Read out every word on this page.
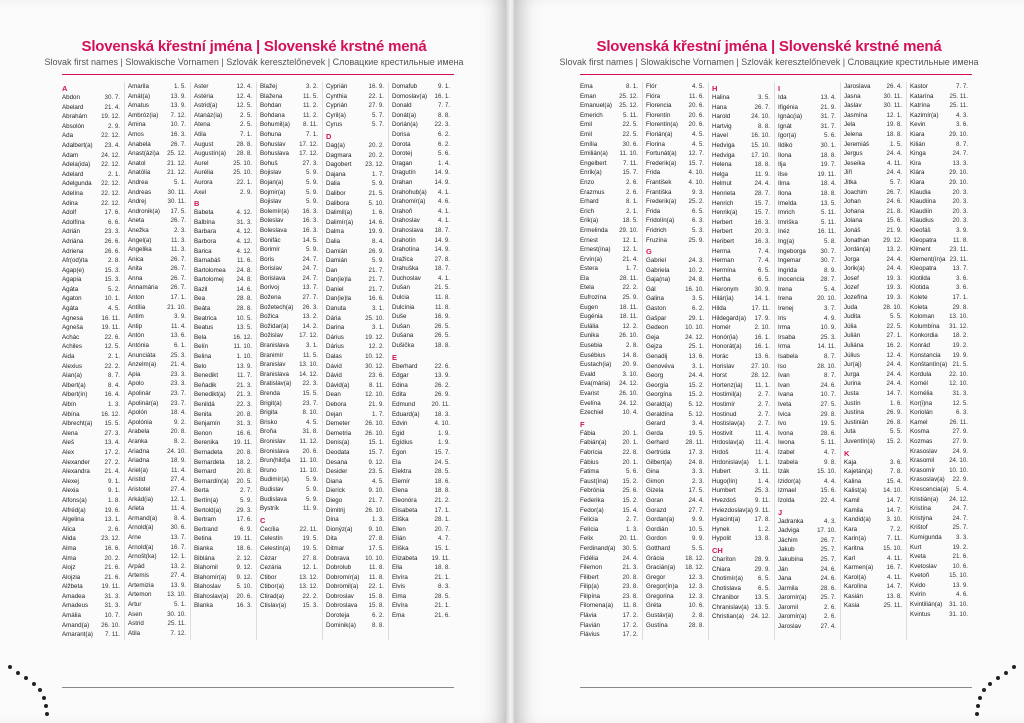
Slovenská křestní jména | Slovenské krstné mená
Slovak first names | Slowakische Vornamen | Szlovák keresztelőnevek | Словацкие крестильные имена
A
Abdon	30. 7.
Abelard	21. 4.
Abrahám 19. 12.
Absolón	2. 9.
Ada	22. 12.
Adalbert(a) 23. 4.
Adam	24. 12.
Adela(ida) 22. 12.
Adelard	2. 1.
Adelgunda 22. 12.
Adelína	22. 12.
Adina	22. 12.
Adolf	17. 6.
Adolfína	6. 6.
Adrián	23. 3.
Adriána	26. 6.
Adriena	26. 6.
Afr(od)íta	2. 8.
Agap(e)	15. 3.
Agapia	15. 3.
Agáta	5. 2.
Agaton	10. 1.
Agáta	4. 5.
Agnesa	16. 11.
Agneša	19. 11.
Achác	22. 6.
Achiles	12. 5.
Aida	2. 1.
Alexius	22. 2.
Alan(a)	8. 7.
Albert(a)	8. 4.
Albert(ín)	16. 4.
Albín	1. 3.
Albína	16. 12.
Albrecht(a) 15. 5.
Alena	27. 3.
Aleš	13. 4.
Alex	17. 2.
Alexander 27. 2.
Alexandra 21. 4.
Alexej	9. 1.
Alexia	9. 1.
Alfons(a)	1. 8.
Alfréd(a)	19. 6.
Algelina	13. 1.
Alica	2. 6.
Alida	23. 12.
Alma	16. 6.
Alma	20. 2.
Alojz	21. 6.
Alojzia	21. 6.
Alžbeta	19. 11.
Amadea	31. 3.
Amadeus	31. 3.
Amália	10. 7.
Amand(a) 26. 10.
Amarant(a) 7. 11.
Amarila	1. 5.
Amát(a)	13. 9.
Amatus	13. 9.
Ambróz(ia) 7. 12.
Amina	10. 7.
Amos	16. 3.
Anabela	26. 7.
Anast(ázi)a 25. 12.
Anatol	21. 12.
Anatólia	21. 12.
Andrea	5. 1.
Andreas	30. 11.
Andrej	30. 11.
Andronik(a) 17. 5.
Aneta	26. 7.
Anežka	2. 3.
Angel(a)	11. 3.
Angelika	11. 3.
Anica	26. 7.
Anita	26. 7.
Anna	26. 7.
Annamária 26. 7.
Anton	17. 1.
Antília	21. 10.
Antim	3. 9.
Antip	11. 4.
Antón	13. 6.
Antónia	6. 1.
Anunciáta 25. 3.
Anzelm(a) 21. 4.
Apia	23. 3.
Apolo	23. 3.
Apolinár	23. 7.
Apolinár(a) 23. 7.
Apolón	18. 4.
Apolónia	9. 2.
Arabela	20. 8.
Aranka	8. 2.
Ariadna	24. 10.
Ariadna	18. 9.
Ariel(a)	11. 4.
Aristid	27. 4.
Aristotel	27. 4.
Arkád(ia)	12. 1.
Arleta	11. 4.
Armand(a)	8. 4.
Arnold(a)	30. 6.
Arne	13. 7.
Arnold(a)	16. 7.
Arnošt(ka) 12. 1.
Arpád	13. 2.
Artemis	27. 4.
Artemizia	13. 9.
Artemon	13. 10.
Artur	5. 1.
Asen	30. 10.
Astrid	25. 11.
Atila	7. 12.
Aster	12. 4.
Astéria	12. 4.
Astrid(a)	12. 5.
Atanáz(ia)	2. 5.
Atena	2. 5.
Atila	7. 1.
August	28. 8.
Augustín(a) 28. 8.
Aurel	25. 10.
Aurélia	25. 10.
Aurora	22. 1.
Axel	2. 9.
B
Babeta	4. 12.
Balbína	31. 3.
Barbara	4. 12.
Barbora	4. 12.
Barica	4. 12.
Barnabáš	11. 6.
Bartolomea 24. 8.
Bartolomej 24. 8.
Bazil	14. 6.
Bea	28. 8.
Beáta	28. 8.
Beatrica	10. 5.
Beatus	13. 5.
Bela	16. 12.
Belín	11. 10.
Belina	1. 10.
Belo	13. 9.
Benedikt	11. 7.
Beňadik	21. 3.
Benedikt(a) 21. 3.
Benildá	22. 3.
Benita	20. 8.
Benjamín	31. 3.
Benon	16. 6.
Berenika 19. 11.
Bernadeta 20. 8.
Bernardeta 18. 2.
Bernard	20. 8.
Bernardín(a) 20. 5.
Berta	2. 7.
Bertín(a)	5. 9.
Bertold(a) 29. 3.
Bertram	17. 6.
Bertrand	6. 9.
Betina	19. 11.
Bianka	18. 6.
Biblána	2. 12.
Blahomil	9. 12.
Blahomír(a) 9. 12.
Blahoslav	5. 10.
Blahoslav(a) 20. 6.
Blanka	16. 3.
Blažej	3. 2.
Blažena	11. 5.
Bohdan	11. 2.
Bohdana	11. 2.
Bohumil(a) 8. 11.
Bohuna	7. 1.
Bohuslav 17. 12.
Bohuslava 17. 12.
Bohuš	27. 3.
Bojislav	5. 9.
Bojan(a)	5. 9.
Bojmír(a)	5. 9.
Bojislav	5. 9.
Bolemír(a) 16. 3.
Boleslav	16. 3.
Boleslava	16. 3.
Bonifác	14. 5.
Borimír	5. 9.
Boris	24. 7.
Borislav	24. 7.
Borislava	24. 7.
Borivoj	13. 7.
Božena	27. 7.
Božetech(a) 26. 3.
Božica	13. 2.
Božidar(a) 14. 2.
Božislav	17. 12.
Branislava	3. 1.
Branimír	11. 5.
Branislav 13. 10.
Branislava 14. 12.
Bratislav(a) 22. 3.
Brenda	15. 5.
Brigit(a)	23. 7.
Brigita	8. 10.
Brisko	4. 5.
Broňa	31. 8.
Bronislav 11. 12.
Bronislava 20. 6.
Brun(hild)a 11. 10.
Bruno	11. 10.
Budimír(a)	5. 9.
Budislav	5. 9.
Budislava	5. 9.
Bystrík	11. 9.
C
Cecília	22. 11.
Celestín	19. 5.
Celestín(a) 19. 5.
Cézar	27. 8.
Cezária	12. 1.
Ctibor	13. 12.
Ctibor(a) 13. 12.
Ctirad(a)	22. 2.
Ctislav(a)	15. 3.
Cyprián	16. 9.
Cynthia	22. 1.
Cyprián	27. 9.
Cyril(a)	5. 7.
Cyrus	5. 7.
D
Dag(a)	20. 2.
Dagmara	20. 2.
Dagobert 23. 12.
Dajana	1. 7.
Dalia	5. 9.
Dalibor	21. 5.
Dalibora	5. 10.
Dalimil(a)	1. 6.
Dalimír(a) 14. 6.
Dalma	19. 9.
Dalia	8. 4.
Damián	26. 9.
Damián	5. 9.
Dan	21. 7.
Dan(ie)la	21. 7.
Daniel	21. 7.
Dan(ie)la	16. 6.
Danuta	3. 1.
Dária	25. 10.
Darina	3. 1.
Dárius	19. 12.
Dárius	12. 2.
Dalas	10. 12.
Dávid	30. 12.
Dávid	23. 6.
Dávid(a)	8. 11.
Dean	12. 10.
Debora	21. 9.
Dejan	1. 7.
Demeter 26. 10.
Demetria 26. 10.
Denis(a)	15. 1.
Deodata	15. 7.
Desana	9. 12.
Desider	23. 5.
Diana	4. 5.
Dierick	9. 10.
Diego	21. 7.
Dimitrij	26. 10.
Dina	1. 3.
Dionýz(a)	9. 10.
Dita	27. 8.
Ditmar	17. 5.
Dobrava	10. 10.
Dobrolub	11. 8.
Dobromír(a) 11. 8.
Dobromil(a) 22. 1.
Dobroslav 15. 8.
Dobroslava 15. 8.
Doroteja	6. 2.
Dominik(a)	8. 8.
Domafub	9. 1.
Domoslav(a) 16. 1.
Donald	7. 7.
Donát(a)	8. 8.
Dorián(a)	22. 3.
Dorisa	6. 2.
Dorota	6. 2.
Dorotej	5. 6.
Dragan	1. 4.
Dragutín	14. 9.
Drahan	14. 9.
Drahohub(a) 4. 1.
Drahomír(a) 4. 6.
Drahoň	4. 1.
Drahoslav	4. 1.
Drahoslava 18. 7.
Drahotín	14. 9.
Drahotína 14. 9.
Dražica	27. 8.
Drahuška	18. 7.
Duchoslav	4. 1.
Dušan	21. 5.
Dulcia	11. 8.
Dulcínia	11. 8.
Duše	16. 9.
Dušan	26. 5.
Dušana	26. 5.
Dušička	18. 8.
E
Eberhard	22. 6.
Edgar	13. 9.
Edina	26. 2.
Edita	26. 9.
Edmund	20. 11.
Eduard(a) 18. 3.
Edvin	4. 10.
Egid	1. 9.
Egídius	1. 9.
Egon	15. 7.
Ela	24. 5.
Elektra	28. 5.
Elemír	18. 6.
Elena	18. 8.
Eleonóra	21. 2.
Elisabeta	17. 1.
Eliška	28. 1.
Ellen	20. 7.
Elián	4. 7.
Eliška	15. 1.
Elizabeta 19. 11.
Ella	18. 8.
Elvíra	21. 1.
Elvis	8. 3.
Elma	28. 5.
Elvíra	21. 1.
Ema	21. 6.
Slovenská křestní jména | Slovenské krstné mená
Slovak first names | Slowakische Vornamen | Szlovák keresztelőnevek | Словацкие крестильные имена
Ema	8. 1.
Eman	25. 12.
Emanuel(a) 25. 12.
Emerich	5. 11.
Emil	22. 5.
Emil	22. 5.
Emília	30. 6.
Emilián(a) 11. 10.
Engelbert	7. 11.
Enrik(a)	15. 7.
Enzo	2. 6.
Erazmus	2. 6.
Erhard	8. 1.
Erich	2. 1.
Erik(a)	18. 5.
Ermelinda 29. 10.
Ernest	12. 1.
Ernest(ína) 12. 1.
Ervín(a)	21. 4.
Estera	1. 7.
Ela	28. 11.
Etela	22. 2.
Eufrozína	25. 9.
Eugen	18. 11.
Eugénia	18. 11.
Eulália	12. 2.
Eunika	26. 10.
Eusebia	2. 8.
Eusébius	14. 8.
Eustach(ia) 20. 9.
Evald	3. 10.
Eva(mária) 24. 12.
Evarist	26. 10.
Evelína	24. 12.
Ezechiel	10. 4.
F
Fábia	20. 1.
Fabián(a)	20. 1.
Fabrícia	22. 8.
Fábius	20. 1.
Fatima	5. 6.
Faust(ína) 15. 2.
Febrónia	25. 6.
Federika	15. 2.
Fedor(a)	15. 4.
Felicia	2. 7.
Felícia	1. 3.
Felix	20. 11.
Ferdinand(a) 30. 5.
Fidélia	24. 4.
Filemon	21. 3.
Filibert	20. 8.
Filip(a)	23. 8.
Filipína	23. 8.
Filomena(a) 11. 8.
Flávia	17. 2.
Flavián	17. 2.
Flávius	17. 2.
Flór	4. 5.
Flóra	11. 6.
Florencia	20. 6.
Florentín	20. 6.
Florentín(a) 20. 6.
Florián(a)	4. 5.
Florina	4. 5.
Fortunát(a) 12. 7.
Frederik(a) 15. 7.
Frida	4. 10.
František	4. 10.
Františka	9. 3.
Frederik(a) 25. 2.
Frida	6. 5.
Fridolín(a)	6. 3.
Fridrich	5. 3.
Fruzína	25. 9.
G
Gabriel	24. 3.
Gabriela	10. 2.
Gaja(na)	24. 8.
Gál	16. 10.
Galina	3. 5.
Gaston	6. 2.
Gašpar	29. 1.
Gedeon	10. 10.
Geja	24. 12.
Gejza	25. 1.
Genadij	13. 6.
Genovéva	3. 1.
Georg	24. 4.
Georgía	15. 2.
Georgína	15. 2.
Gerald(a)	5. 12.
Geraldína 5. 12.
Gerard	3. 4.
Gerda	19. 5.
Gerhard	28. 11.
Gertrúda	17. 3.
Gilbert(a)	24. 8.
Gina	3. 3.
Gimon	2. 3.
Gizela	17. 5.
Goran	24. 4.
Gorazd	27. 7.
Gordan(a)	9. 9.
Gordián	10. 5.
Gordon	9. 9.
Gotthard	5. 5.
Grácia	18. 12.
Gracián(a) 18. 12.
Gregor	12. 3.
Gregor(ín)a 12. 3.
Gregorina 12. 3.
Gréta	10. 6.
Gustáv(a)	2. 8.
Gustína	28. 8.
H
Halina	3. 5.
Hana	26. 7.
Harold	24. 10.
Hartvig	8. 8.
Havel	16. 10.
Hedviga	15. 10.
Hedviga	17. 10.
Helena	18. 8.
Helga	11. 9.
Helmut	24. 4.
Henrieta	28. 7.
Henrich	15. 7.
Henrik(a)	15. 7.
Herbert	16. 3.
Herbert	20. 3.
Heribert	16. 3.
Herma	7. 4.
Herman	7. 4.
Hermína	6. 5.
Hertha	6. 5.
Hieronym	30. 9.
Hilár(ia)	14. 1.
Hilda	17. 11.
Hildegard(a) 17. 9.
Homér	2. 10.
Honór(ia)	16. 1.
Honorát(a) 16. 1.
Horác	13. 6.
Horislav	27. 10.
Horst	28. 12.
Hortenz(ia) 11. 1.
Hostimil(a)	2. 7.
Hostimír	2. 7.
Hostinud	2. 7.
Hostislav(a) 2. 7.
Hostivít	11. 4.
Hrdoslav(a) 11. 4.
Hrdoš	11. 4.
Hrdonislav(a) 1. 1.
Hubert	3. 11.
Hugo(lín)	1. 4.
Humbert	25. 3.
Hvezdoš	9. 11.
Hviezdoslav(a) 9. 11.
Hyacint(a) 17. 8.
Hynek	1. 2.
Hypolit	13. 8.
CH
Charíton	28. 9.
Chiara	29. 9.
Chotimír(a) 6. 5.
Chotislava	6. 5.
Chranibor 13. 5.
Chranislav(a) 13. 5.
Christian(a) 24. 12.
I
Ida	13. 4.
Ifigénia	21. 9.
Ignác(ia)	31. 7.
Ignát	31. 7.
Igor(a)	5. 6.
Ildikó	30. 1.
Ilona	18. 8.
Ilja	19. 7.
Ilse	19. 11.
Ilma	18. 4.
Ilona	18. 8.
Imelda	13. 5.
Imrich	5. 11.
Imriška	5. 11.
Inéz	16. 11.
Ing(a)	5. 8.
Ingeborga 30. 7.
Ingemar	30. 7.
Ingrida	8. 9.
Inocencia	28. 7.
Irena	5. 4.
Irena	20. 10.
Irenej	3. 7.
Iris	4. 9.
Irma	10. 9.
Irsaba	25. 3.
Irma	14. 11.
Isabela	8. 7.
Iso	28. 10.
Ivan	8. 7.
Ivan	24. 6.
Ivana	10. 7.
Iveta	27. 5.
Ivica	29. 8.
Ivo	19. 5.
Ivona	28. 6.
Iwona	5. 11.
Izabel	4. 7.
Izabela	9. 8.
Izák	15. 10.
Izidor(a)	4. 4.
Izmael	15. 6.
Izolda	22. 4.
J
Jadranka	4. 3.
Jadviga	17. 10.
Jáchim	26. 7.
Jakub	25. 7.
Jakubína	25. 7.
Ján	24. 6.
Jana	24. 6.
Jarmila	28. 6.
Jaromír(a) 25. 7.
Jaromil	2. 6.
Jaromír(a)	2. 6.
Jaroslav	27. 4.
Jaroslava	26. 4.
Jasna	30. 11.
Jaslav	30. 11.
Jasmína	12. 1.
Jela	19. 8.
Jelena	18. 8.
Jeremiáš	1. 5.
Jergus	24. 4.
Jeseika	4. 11.
Jiří	24. 4.
Jitka	5. 7.
Joachim	26. 7.
Johan	24. 6.
Johana	21. 8.
Jolana	15. 6.
Jonáš	21. 9.
Jonathan 29. 12.
Jordán(a)	13. 2.
Jorga	24. 4.
Jorik(a)	24. 4.
Josef	19. 3.
Jozef	19. 3.
Jozefína	19. 3.
Juda	28. 10.
Judita	5. 5.
Júlia	22. 5.
Julián	27. 1.
Juliána	16. 2.
Július	12. 4.
Jur(aj)	24. 4.
Jurga	24. 4.
Jurina	24. 4.
Justa	14. 7.
Justín	1. 6.
Justína	26. 9.
Justinián	26. 8.
Juta	5. 5.
Juventín(a) 15. 2.
K
Kaja	3. 6.
Kajetán(a)	7. 8.
Kalina	15. 4.
Kalist(a)	14. 10.
Kamil	14. 7.
Kamila	14. 7.
Kandid(a)	3. 10.
Kara	7. 2.
Karin(a)	7. 11.
Karitna	15. 10.
Karl	4. 11.
Karmen(a) 16. 7.
Karol(a)	4. 11.
Karolína	14. 7.
Kasián	13. 8.
Kasia	25. 11.
Kastor	7. 7.
Katarína	25. 11.
Katrína	25. 11.
Kazimír(a)	4. 3.
Kevin	3. 6.
Kiara	29. 10.
Kilián	8. 7.
Kinga	24. 7.
Kira	13. 3.
Klára	29. 10.
Klara	29. 10.
Klaudia	20. 3.
Klaudiína	20. 3.
Klaudiín	20. 3.
Klaudius	20. 3.
Kleofáš	3. 9.
Kleopatra	11. 8.
Kliment	23. 11.
Klement(ín)a 23. 11.
Kleopatra	13. 7.
Klotilda	3. 6.
Klotida	3. 6.
Kolete	17. 1.
Koleta	29. 8.
Koloman 13. 10.
Kolumbína 31. 12.
Konkordia 18. 2.
Konrád	19. 2.
Konstancia 19. 9.
Konštantín(a) 21. 5.
Kordula	22. 10.
Kornél	12. 10.
Kornélia	31. 3.
Kor(i)na	12. 5.
Koriolán	6. 3.
Kamel	26. 11.
Kosma	27. 9.
Kozmas	27. 9.
Krasoslav 24. 9.
Krasomil 24. 10.
Krasomír 10. 10.
Krasoslav(a) 22. 9.
Krescencia(a) 5. 4.
Kristián(a) 24. 12.
Kristína	24. 7.
Kristýna	24. 7.
Krištof	25. 7.
Kumígunda 3. 3.
Kurt	19. 2.
Kveta	21. 6.
Kvetoslav	10. 6.
Kvetoň	15. 10.
Kvido	13. 9.
Kvirín	4. 6.
Kvintilián(a) 31. 10.
Kvintus	31. 10.
